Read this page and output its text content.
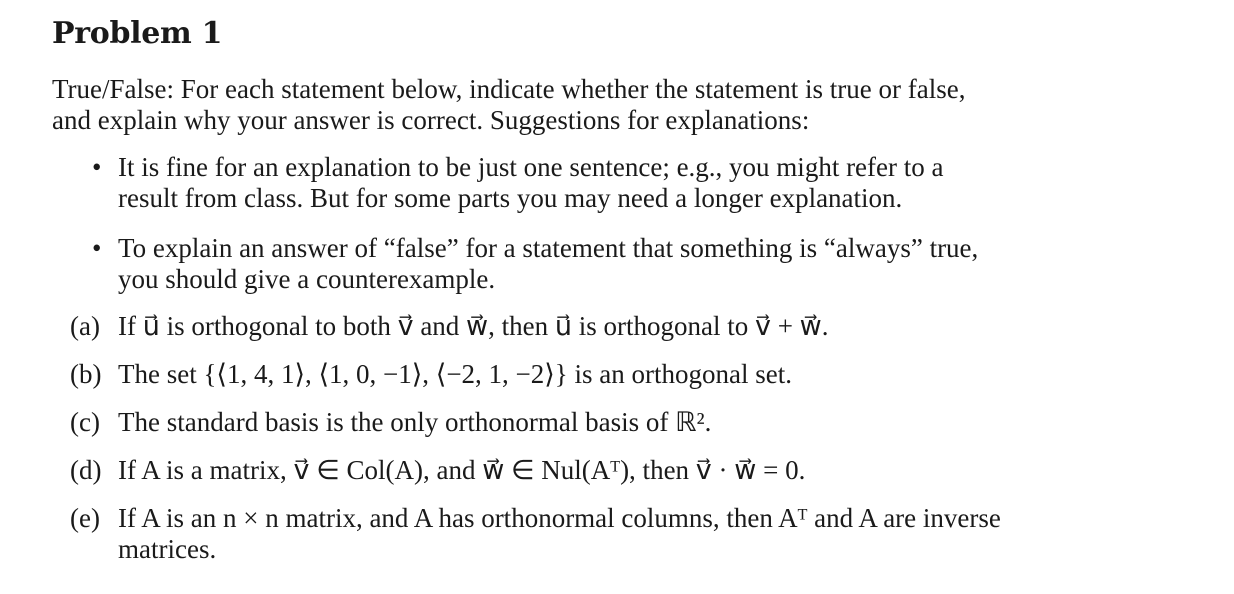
Problem 1

True/False: For each statement below, indicate whether the statement is true or false, and explain why your answer is correct. Suggestions for explanations:

• It is fine for an explanation to be just one sentence; e.g., you might refer to a result from class. But for some parts you may need a longer explanation.
• To explain an answer of “false” for a statement that something is “always” true, you should give a counterexample.
(a) If u⃗ is orthogonal to both v⃗ and w⃗, then u⃗ is orthogonal to v⃗ + w⃗.
(b) The set {⟨1, 4, 1⟩, ⟨1, 0, −1⟩, ⟨−2, 1, −2⟩} is an orthogonal set.
(c) The standard basis is the only orthonormal basis of ℝ².
(d) If A is a matrix, v⃗ ∈ Col(A), and w⃗ ∈ Nul(Aᵀ), then v⃗ · w⃗ = 0.
(e) If A is an n × n matrix, and A has orthonormal columns, then Aᵀ and A are inverse matrices.
